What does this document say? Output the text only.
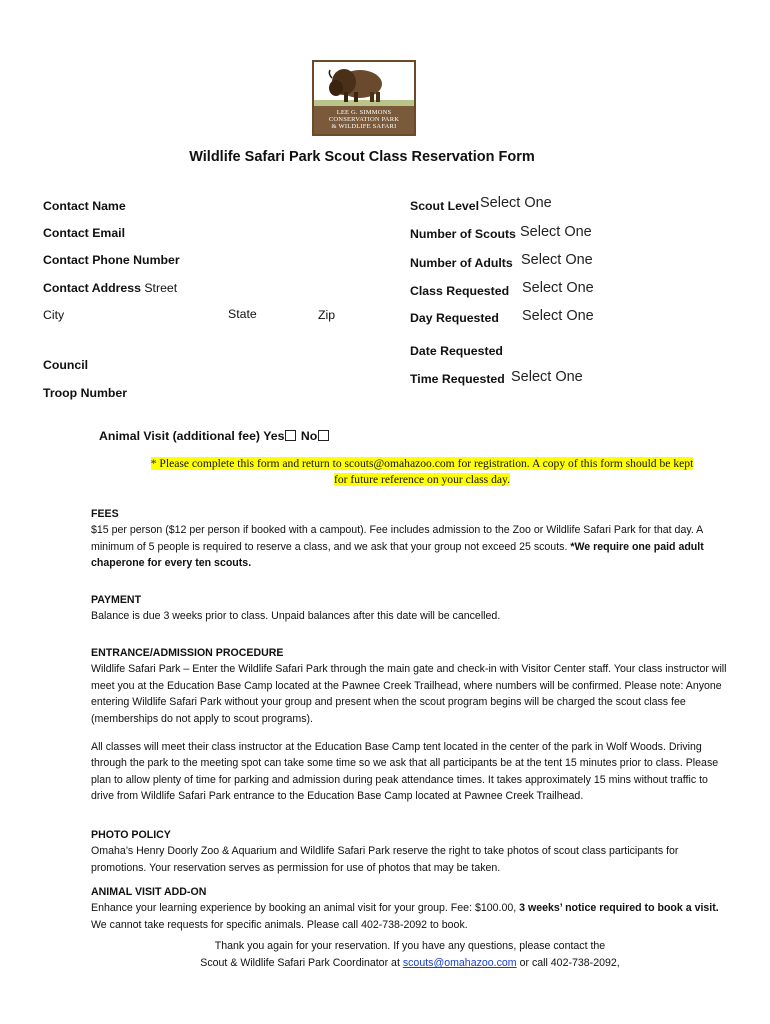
LEE G. SIMMONS
CONSERVATION PARK
& WILDLIFE SAFARI
Wildlife Safari Park Scout Class Reservation Form
Contact Name
Contact Email
Contact Phone Number
Contact Address Street
City	State	Zip
Council
Troop Number
Scout Level Select One
Number of Scouts Select One
Number of Adults Select One
Class Requested Select One
Day Requested Select One
Date Requested
Time Requested Select One
Animal Visit (additional fee) Yes No
* Please complete this form and return to scouts@omahazoo.com for registration. A copy of this form should be kept
for future reference on your class day.
FEES
$15 per person ($12 per person if booked with a campout). Fee includes admission to the Zoo or Wildlife Safari Park for that day. A minimum of 5 people is required to reserve a class, and we ask that your group not exceed 25 scouts. *We require one paid adult chaperone for every ten scouts.
PAYMENT
Balance is due 3 weeks prior to class. Unpaid balances after this date will be cancelled.
ENTRANCE/ADMISSION PROCEDURE
Wildlife Safari Park – Enter the Wildlife Safari Park through the main gate and check-in with Visitor Center staff. Your class instructor will meet you at the Education Base Camp located at the Pawnee Creek Trailhead, where numbers will be confirmed. Please note: Anyone entering Wildlife Safari Park without your group and present when the scout program begins will be charged the scout class fee (memberships do not apply to scout programs).
All classes will meet their class instructor at the Education Base Camp tent located in the center of the park in Wolf Woods. Driving through the park to the meeting spot can take some time so we ask that all participants be at the tent 15 minutes prior to class. Please plan to allow plenty of time for parking and admission during peak attendance times. It takes approximately 15 mins without traffic to drive from Wildlife Safari Park entrance to the Education Base Camp located at Pawnee Creek Trailhead.
PHOTO POLICY
Omaha’s Henry Doorly Zoo & Aquarium and Wildlife Safari Park reserve the right to take photos of scout class participants for promotions. Your reservation serves as permission for use of photos that may be taken.
ANIMAL VISIT ADD-ON
Enhance your learning experience by booking an animal visit for your group. Fee: $100.00, 3 weeks’ notice required to book a visit. We cannot take requests for specific animals. Please call 402-738-2092 to book.
Thank you again for your reservation. If you have any questions, please contact the
Scout & Wildlife Safari Park Coordinator at scouts@omahazoo.com or call 402-738-2092,
